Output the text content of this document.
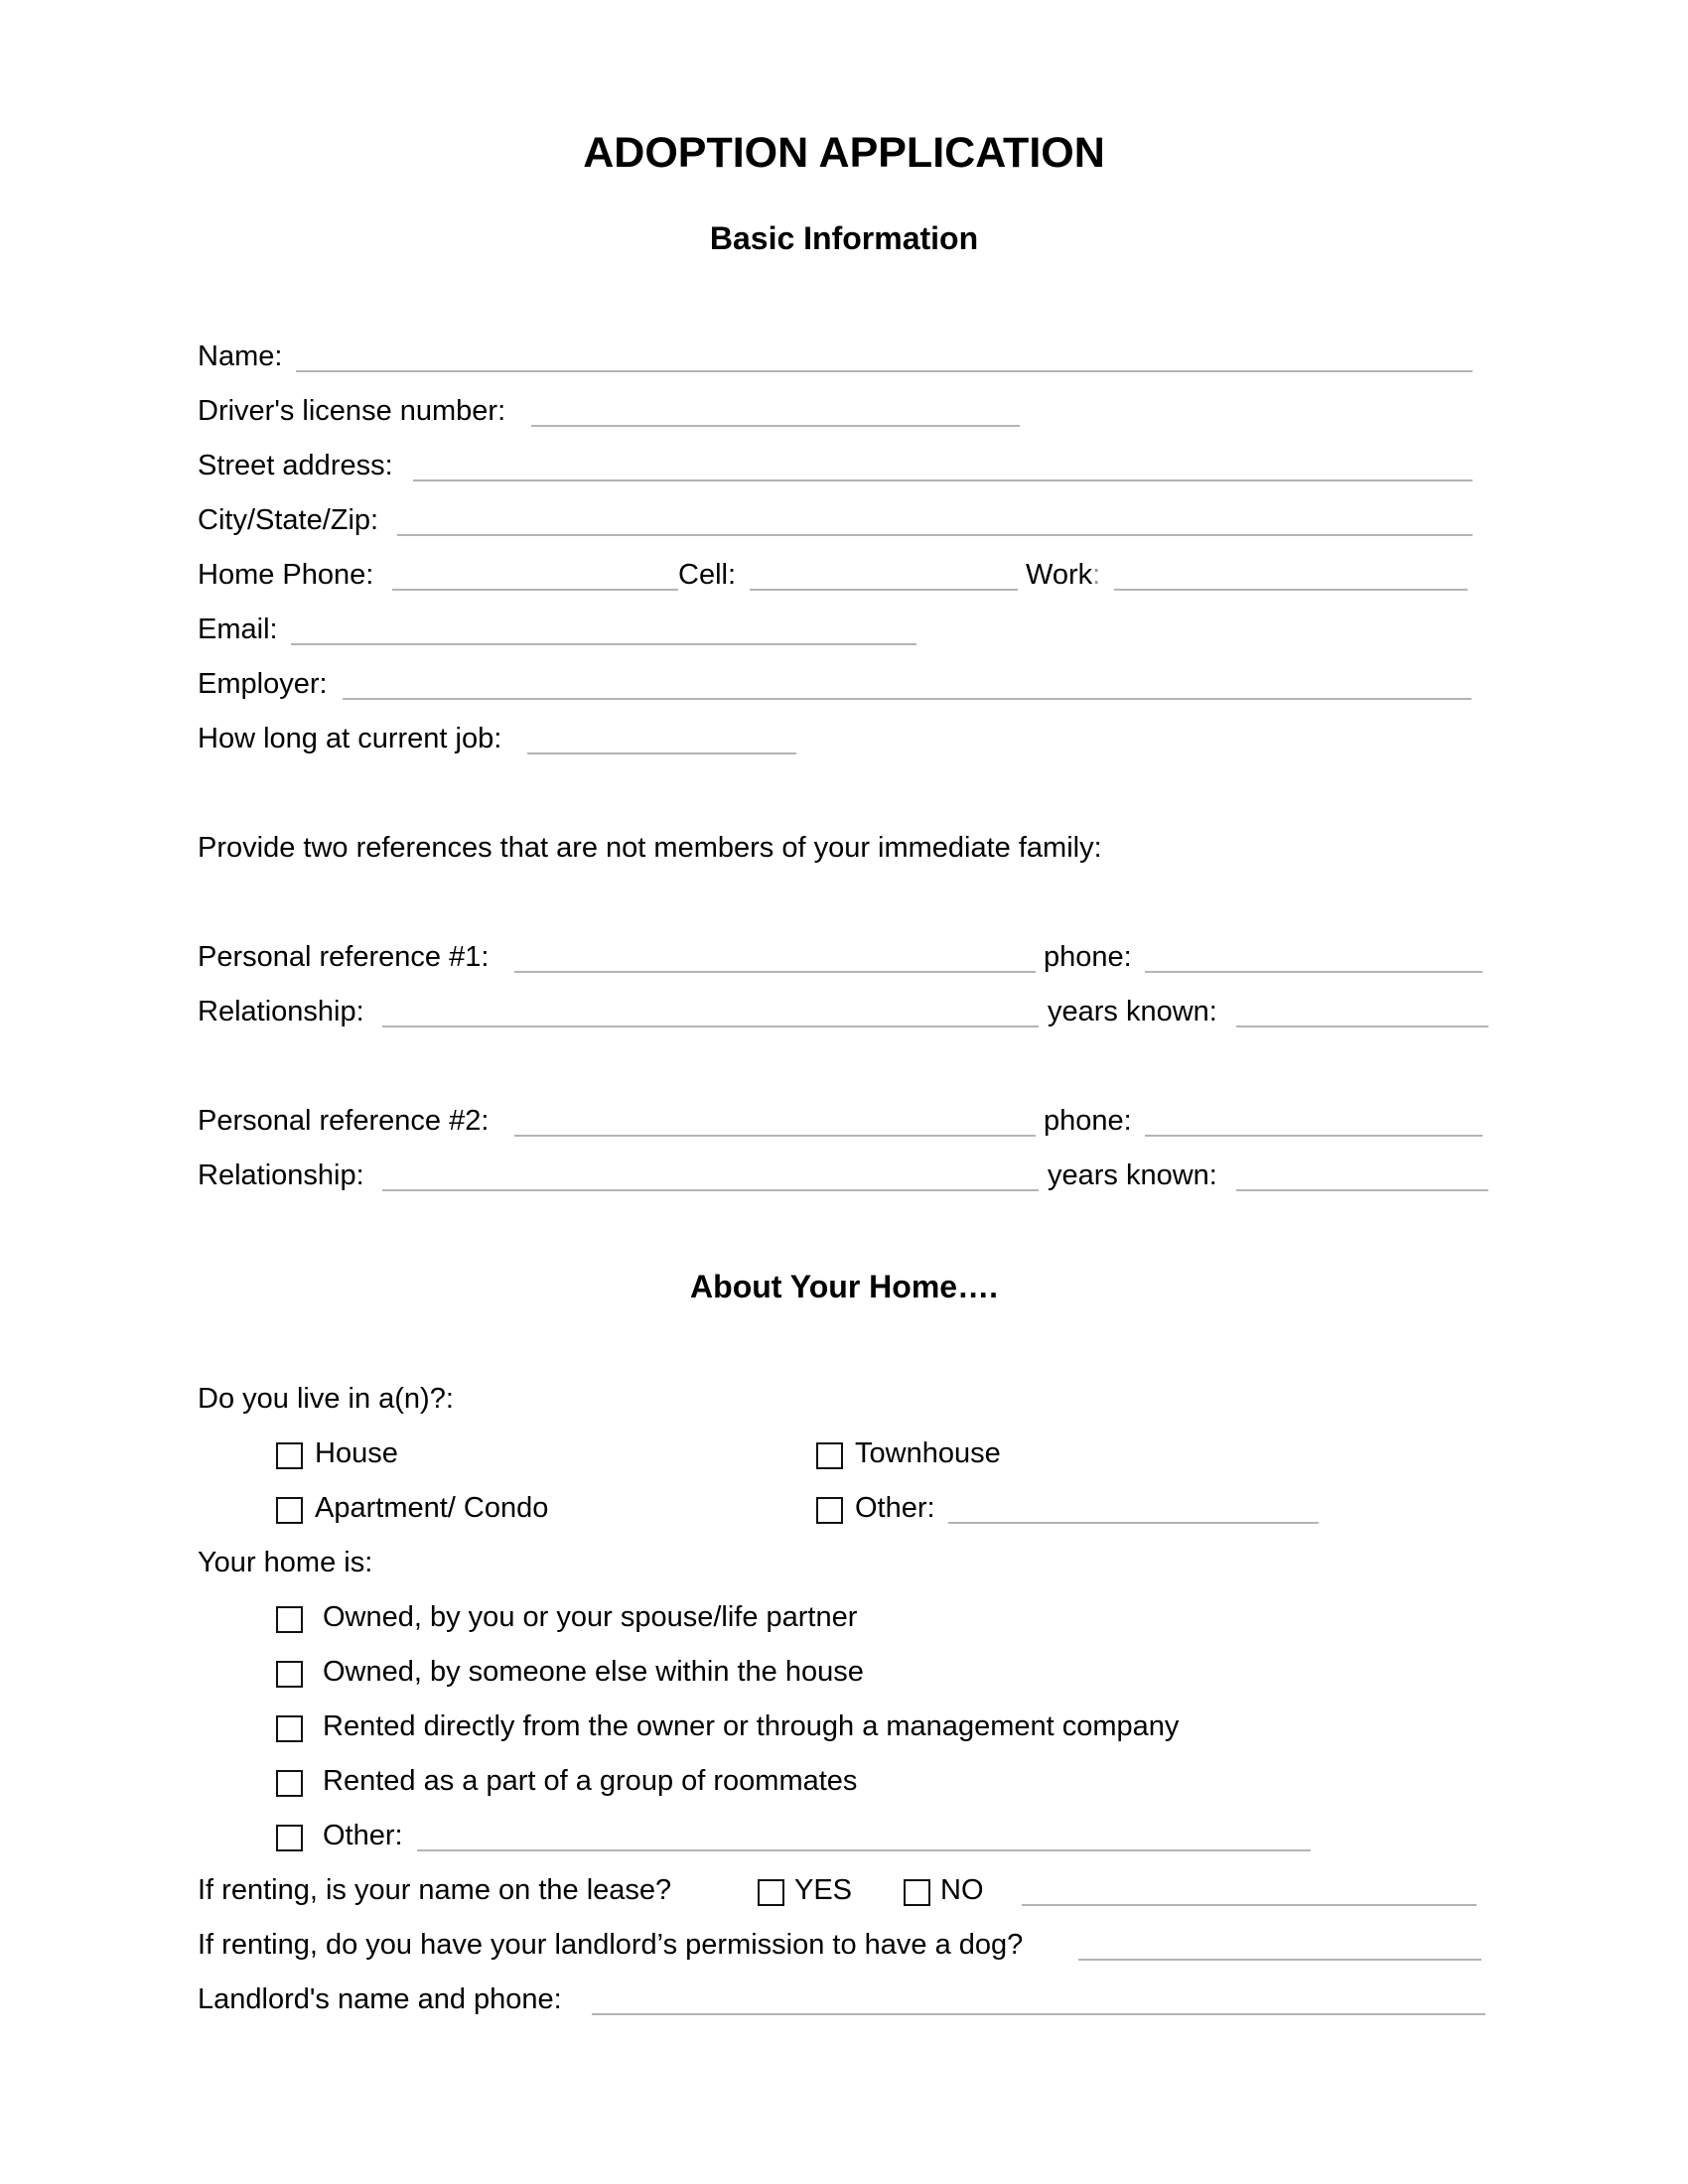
ADOPTION APPLICATION
Basic Information
Name:
Driver's license number:
Street address:
City/State/Zip:
Home Phone:	Cell:	Work:
Email:
Employer:
How long at current job:
Provide two references that are not members of your immediate family:
Personal reference #1:	phone:
Relationship:	years known:
Personal reference #2:	phone:
Relationship:	years known:
About Your Home….
Do you live in a(n)?:
House	Townhouse
Apartment/ Condo	Other:
Your home is:
Owned, by you or your spouse/life partner
Owned, by someone else within the house
Rented directly from the owner or through a management company
Rented as a part of a group of roommates
Other:
If renting, is your name on the lease?	YES	NO
If renting, do you have your landlord’s permission to have a dog?
Landlord's name and phone:
